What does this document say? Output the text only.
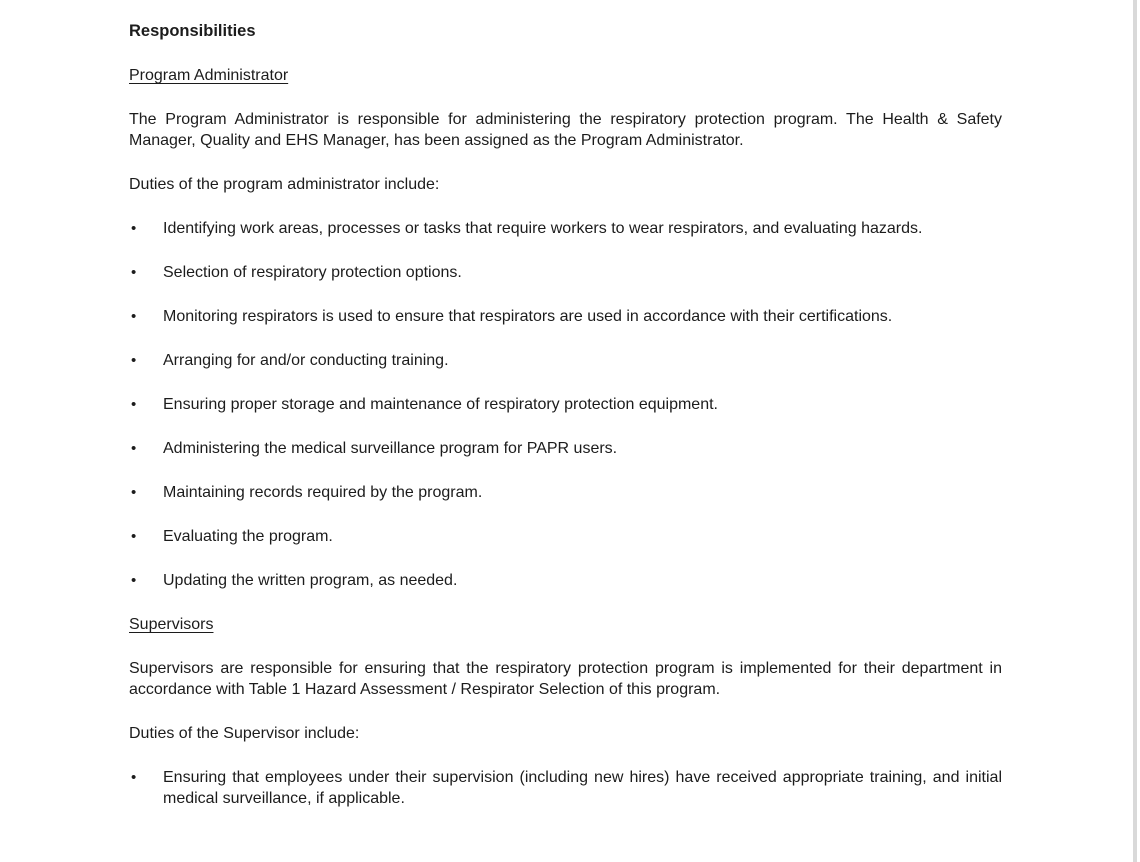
Responsibilities
Program Administrator

The Program Administrator is responsible for administering the respiratory protection program. The Health & Safety Manager, Quality and EHS Manager, has been assigned as the Program Administrator.

Duties of the program administrator include:

• Identifying work areas, processes or tasks that require workers to wear respirators, and evaluating hazards.
• Selection of respiratory protection options.
• Monitoring respirators is used to ensure that respirators are used in accordance with their certifications.
• Arranging for and/or conducting training.
• Ensuring proper storage and maintenance of respiratory protection equipment.
• Administering the medical surveillance program for PAPR users.
• Maintaining records required by the program.
• Evaluating the program.
• Updating the written program, as needed.
Supervisors

Supervisors are responsible for ensuring that the respiratory protection program is implemented for their department in accordance with Table 1 Hazard Assessment / Respirator Selection of this program.

Duties of the Supervisor include:

• Ensuring that employees under their supervision (including new hires) have received appropriate training, and initial medical surveillance, if applicable.
